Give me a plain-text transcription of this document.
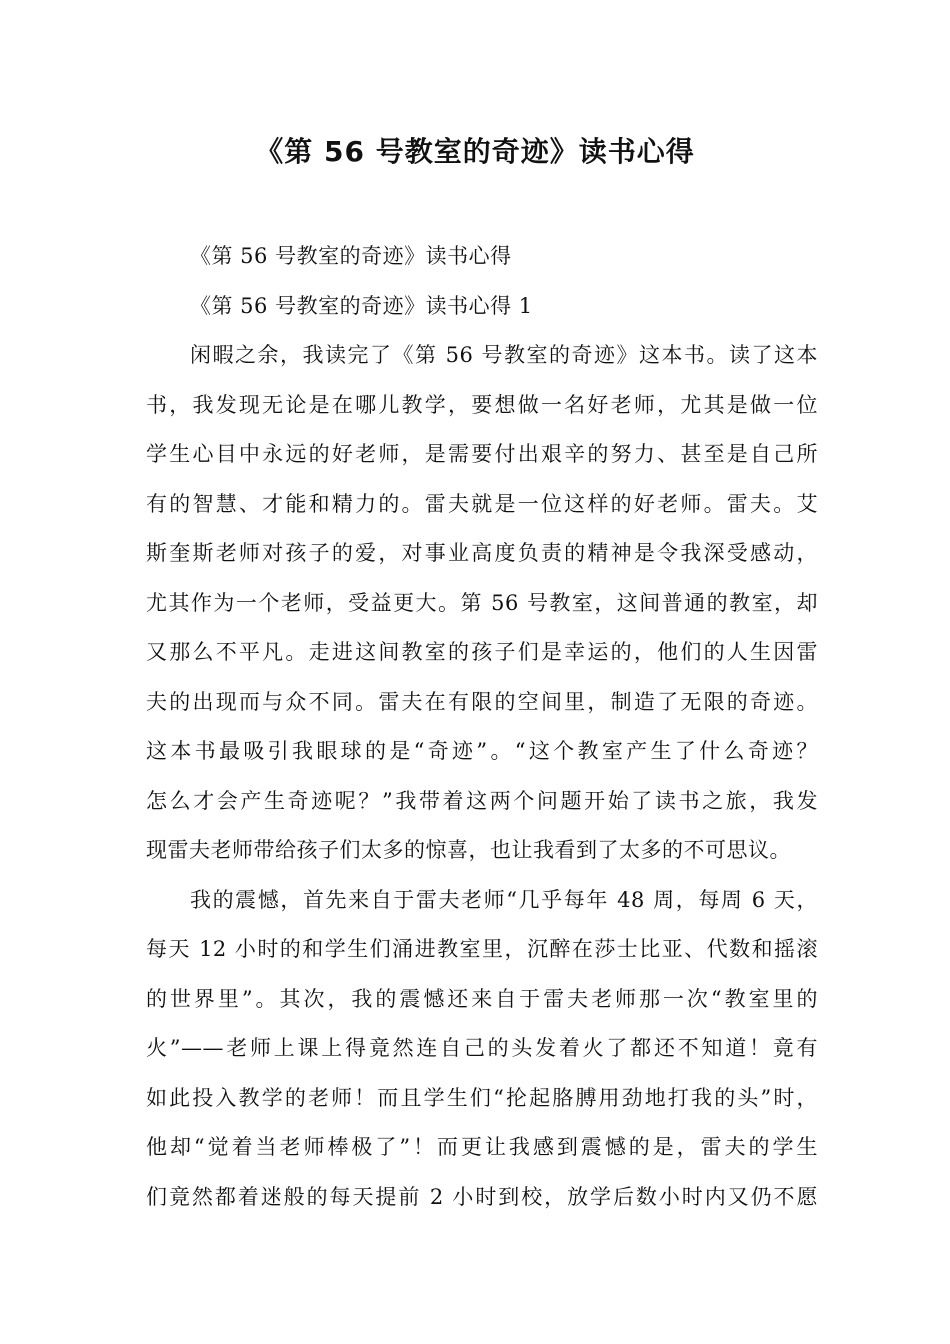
《第 56 号教室的奇迹》读书心得
《第 56 号教室的奇迹》读书心得
《第 56 号教室的奇迹》读书心得 1
闲暇之余，我读完了《第 56 号教室的奇迹》这本书。读了这本
书，我发现无论是在哪儿教学，要想做一名好老师，尤其是做一位
学生心目中永远的好老师，是需要付出艰辛的努力、甚至是自己所
有的智慧、才能和精力的。雷夫就是一位这样的好老师。雷夫。艾
斯奎斯老师对孩子的爱，对事业高度负责的精神是令我深受感动，
尤其作为一个老师，受益更大。第 56 号教室，这间普通的教室，却
又那么不平凡。走进这间教室的孩子们是幸运的，他们的人生因雷
夫的出现而与众不同。雷夫在有限的空间里，制造了无限的奇迹。
这本书最吸引我眼球的是“奇迹”。“这个教室产生了什么奇迹？
怎么才会产生奇迹呢？”我带着这两个问题开始了读书之旅，我发
现雷夫老师带给孩子们太多的惊喜，也让我看到了太多的不可思议。
我的震憾，首先来自于雷夫老师“几乎每年 48 周，每周 6 天，
每天 12 小时的和学生们涌进教室里，沉醉在莎士比亚、代数和摇滚
的世界里”。其次，我的震憾还来自于雷夫老师那一次“教室里的
火”——老师上课上得竟然连自己的头发着火了都还不知道！竟有
如此投入教学的老师！而且学生们“抡起胳膊用劲地打我的头”时，
他却“觉着当老师棒极了”！而更让我感到震憾的是，雷夫的学生
们竟然都着迷般的每天提前 2 小时到校，放学后数小时内又仍不愿
